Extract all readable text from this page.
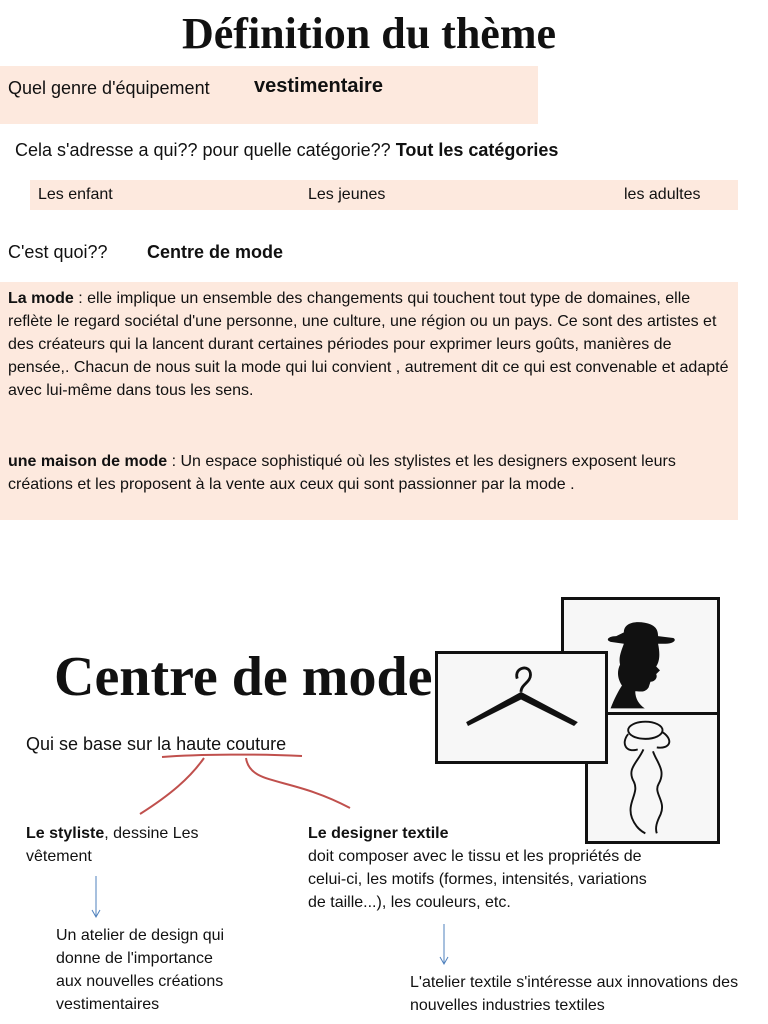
Définition du thème
Quel genre d'équipement vestimentaire
Cela s'adresse a qui?? pour quelle catégorie?? Tout les catégories
Les enfant	Les jeunes	les adultes
C'est quoi?? Centre de mode
La mode : elle implique un ensemble des changements qui touchent tout type de domaines, elle reflète le regard sociétal d'une personne, une culture, une région ou un pays. Ce sont des artistes et des créateurs qui la lancent durant certaines périodes pour exprimer leurs goûts, manières de pensée,. Chacun de nous suit la mode qui lui convient , autrement dit ce qui est convenable et adapté avec lui-même dans tous les sens.
une maison de mode : Un espace sophistiqué où les stylistes et les designers exposent leurs créations et les proposent à la vente aux ceux qui sont passionner par la mode .
Centre de mode
Qui se base sur la haute couture
Le styliste, dessine Les vêtement
Le designer textile
doit composer avec le tissu et les propriétés de celui-ci, les motifs (formes, intensités, variations de taille...), les couleurs, etc.
Un atelier de design qui donne de l'importance aux nouvelles créations vestimentaires
L'atelier textile s'intéresse aux innovations des nouvelles industries textiles
